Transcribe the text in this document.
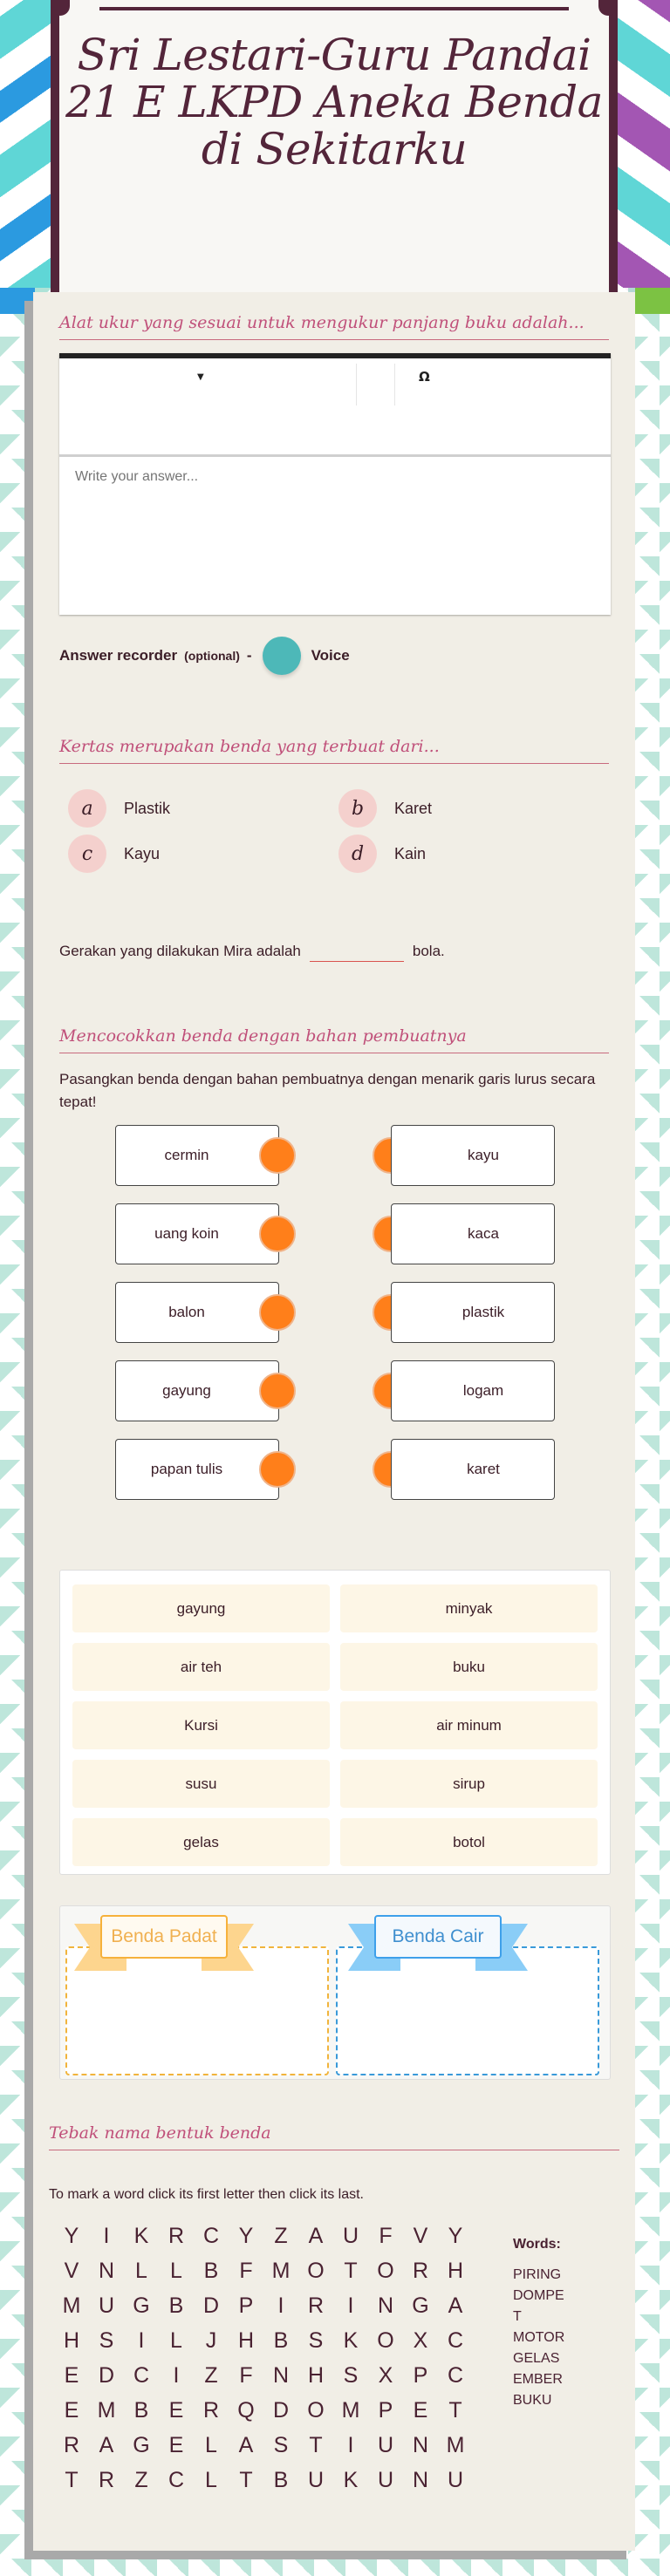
Sri Lestari-Guru Pandai 21 E LKPD Aneka Benda di Sekitarku
Alat ukur yang sesuai untuk mengukur panjang buku adalah...
▼	Ω
Write your answer...
Answer recorder (optional) -	Voice
Kertas merupakan benda yang terbuat dari...
a	Plastik	b	Karet
c	Kayu	d	Kain
Gerakan yang dilakukan Mira adalah	bola.
Mencocokkan benda dengan bahan pembuatnya
Pasangkan benda dengan bahan pembuatnya dengan menarik garis lurus secara tepat!
cermin	kayu
uang koin	kaca
balon	plastik
gayung	logam
papan tulis	karet
gayung	minyak
air teh	buku
Kursi	air minum
susu	sirup
gelas	botol
Benda Padat	Benda Cair
Tebak nama bentuk benda
To mark a word click its first letter then click its last.
Y	I	K R C Y Z A U F V Y
V N L	L B F M O T O R H
M U G B D P	I	R	I	N G A
H S	I	L	J H B S K O X C
E D C	I	Z F N H S X P C
E M B E R Q D O M P E T
R A G E L A S T	I	U N M
T R Z C L	T B U K U N U
Words:
PIRING
DOMPET
MOTOR
GELAS
EMBER
BUKU
